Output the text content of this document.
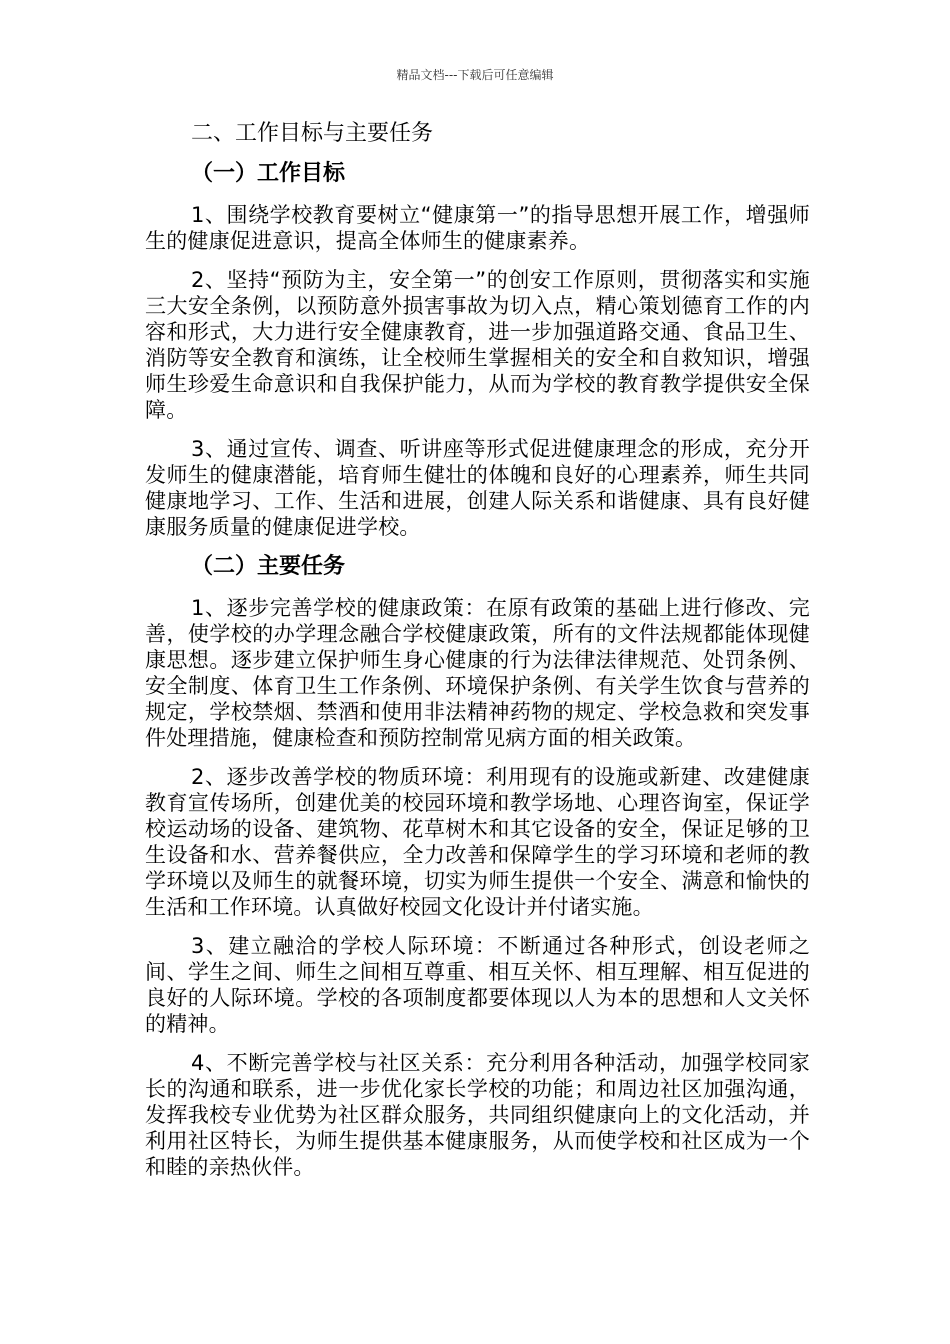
精品文档---下载后可任意编辑
二、工作目标与主要任务
（一）工作目标

1、围绕学校教育要树立“健康第一”的指导思想开展工作，增强师生的健康促进意识，提高全体师生的健康素养。

2、坚持“预防为主，安全第一”的创安工作原则，贯彻落实和实施三大安全条例，以预防意外损害事故为切入点，精心策划德育工作的内容和形式，大力进行安全健康教育，进一步加强道路交通、食品卫生、消防等安全教育和演练，让全校师生掌握相关的安全和自救知识，增强师生珍爱生命意识和自我保护能力，从而为学校的教育教学提供安全保障。

3、通过宣传、调查、听讲座等形式促进健康理念的形成，充分开发师生的健康潜能，培育师生健壮的体魄和良好的心理素养，师生共同健康地学习、工作、生活和进展，创建人际关系和谐健康、具有良好健康服务质量的健康促进学校。

（二）主要任务

1、逐步完善学校的健康政策：在原有政策的基础上进行修改、完善，使学校的办学理念融合学校健康政策，所有的文件法规都能体现健康思想。逐步建立保护师生身心健康的行为法律法律规范、处罚条例、安全制度、体育卫生工作条例、环境保护条例、有关学生饮食与营养的规定，学校禁烟、禁酒和使用非法精神药物的规定、学校急救和突发事件处理措施，健康检查和预防控制常见病方面的相关政策。

2、逐步改善学校的物质环境：利用现有的设施或新建、改建健康教育宣传场所，创建优美的校园环境和教学场地、心理咨询室，保证学校运动场的设备、建筑物、花草树木和其它设备的安全，保证足够的卫生设备和水、营养餐供应，全力改善和保障学生的学习环境和老师的教学环境以及师生的就餐环境，切实为师生提供一个安全、满意和愉快的生活和工作环境。认真做好校园文化设计并付诸实施。

3、建立融洽的学校人际环境：不断通过各种形式，创设老师之间、学生之间、师生之间相互尊重、相互关怀、相互理解、相互促进的良好的人际环境。学校的各项制度都要体现以人为本的思想和人文关怀的精神。

4、不断完善学校与社区关系：充分利用各种活动，加强学校同家长的沟通和联系，进一步优化家长学校的功能；和周边社区加强沟通，发挥我校专业优势为社区群众服务，共同组织健康向上的文化活动，并利用社区特长，为师生提供基本健康服务，从而使学校和社区成为一个和睦的亲热伙伴。
